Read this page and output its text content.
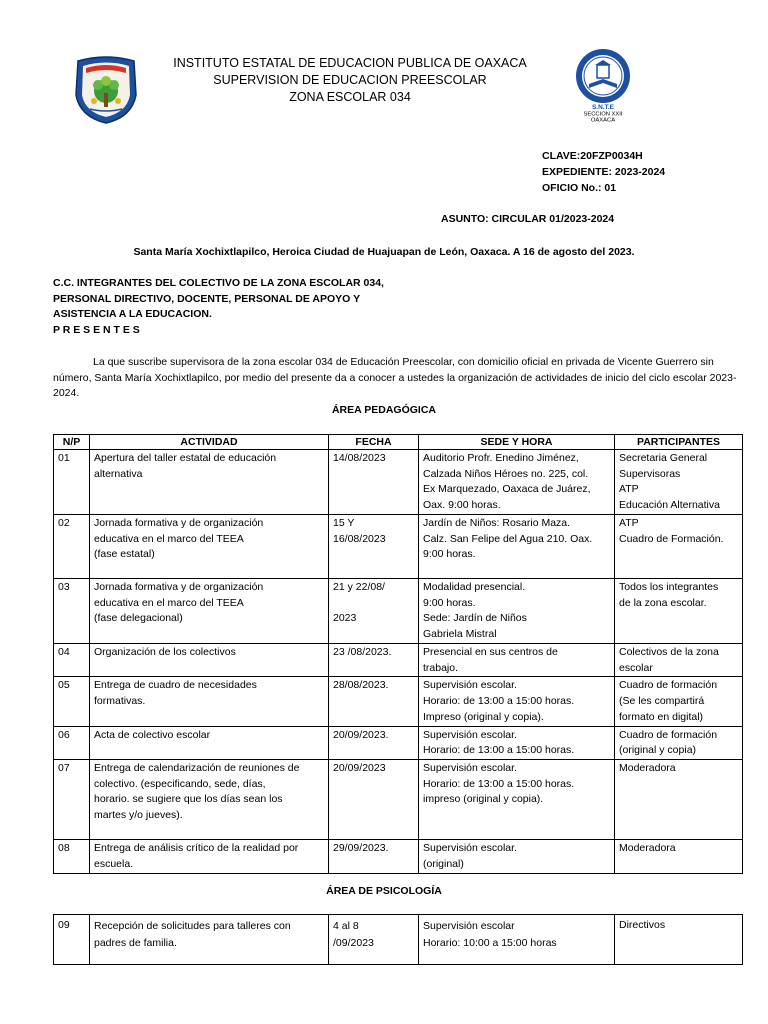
INSTITUTO ESTATAL DE EDUCACION PUBLICA DE OAXACA
SUPERVISION DE EDUCACION PREESCOLAR
ZONA ESCOLAR 034
S.N.T.E
SECCION XXII
OAXACA
CLAVE:20FZP0034H
EXPEDIENTE: 2023-2024
OFICIO No.: 01
ASUNTO: CIRCULAR 01/2023-2024
Santa María Xochixtlapilco, Heroica Ciudad de Huajuapan de León, Oaxaca. A 16 de agosto del 2023.
C.C. INTEGRANTES DEL COLECTIVO DE LA ZONA ESCOLAR 034,
PERSONAL DIRECTIVO, DOCENTE, PERSONAL DE APOYO Y
ASISTENCIA A LA EDUCACION.
P R E S E N T E S
La que suscribe supervisora de la zona escolar 034 de Educación Preescolar, con domicilio oficial en privada de Vicente Guerrero sin número, Santa María Xochixtlapilco, por medio del presente da a conocer a ustedes la organización de actividades de inicio del ciclo escolar 2023-2024.
ÁREA PEDAGÓGICA
N/P	ACTIVIDAD	FECHA	SEDE Y HORA	PARTICIPANTES
01	Apertura del taller estatal de educación
alternativa	14/08/2023	Auditorio Profr. Enedino Jiménez,
Calzada Niños Héroes no. 225, col.
Ex Marquezado, Oaxaca de Juárez,
Oax. 9:00 horas.	Secretaria General
Supervisoras
ATP
Educación Alternativa
02	Jornada formativa y de organización
educativa en el marco del TEEA
(fase estatal)	15 Y
16/08/2023	Jardín de Niños: Rosario Maza.
Calz. San Felipe del Agua 210. Oax.
9:00 horas.	ATP
Cuadro de Formación.
03	Jornada formativa y de organización
educativa en el marco del TEEA
(fase delegacional)	21 y 22/08/

2023	Modalidad presencial.
9:00 horas.
Sede: Jardín de Niños
Gabriela Mistral	Todos los integrantes
de la zona escolar.
04	Organización de los colectivos	23 /08/2023.	Presencial en sus centros de
trabajo.	Colectivos de la zona
escolar
05	Entrega de cuadro de necesidades
formativas.	28/08/2023.	Supervisión escolar.
Horario: de 13:00 a 15:00 horas.
Impreso (original y copia).	Cuadro de formación
(Se les compartirá
formato en digital)
06	Acta de colectivo escolar	20/09/2023.	Supervisión escolar.
Horario: de 13:00 a 15:00 horas.	Cuadro de formación
(original y copia)
07	Entrega de calendarización de reuniones de
colectivo. (especificando, sede, días,
horario. se sugiere que los días sean los
martes y/o jueves).	20/09/2023	Supervisión escolar.
Horario: de 13:00 a 15:00 horas.
impreso (original y copia).	Moderadora
08	Entrega de análisis crítico de la realidad por
escuela.	29/09/2023.	Supervisión escolar.
(original)	Moderadora
ÁREA DE PSICOLOGÍA
09	Recepción de solicitudes para talleres con
padres de familia.	4 al 8
/09/2023	Supervisión escolar
Horario: 10:00 a 15:00 horas	Directivos
